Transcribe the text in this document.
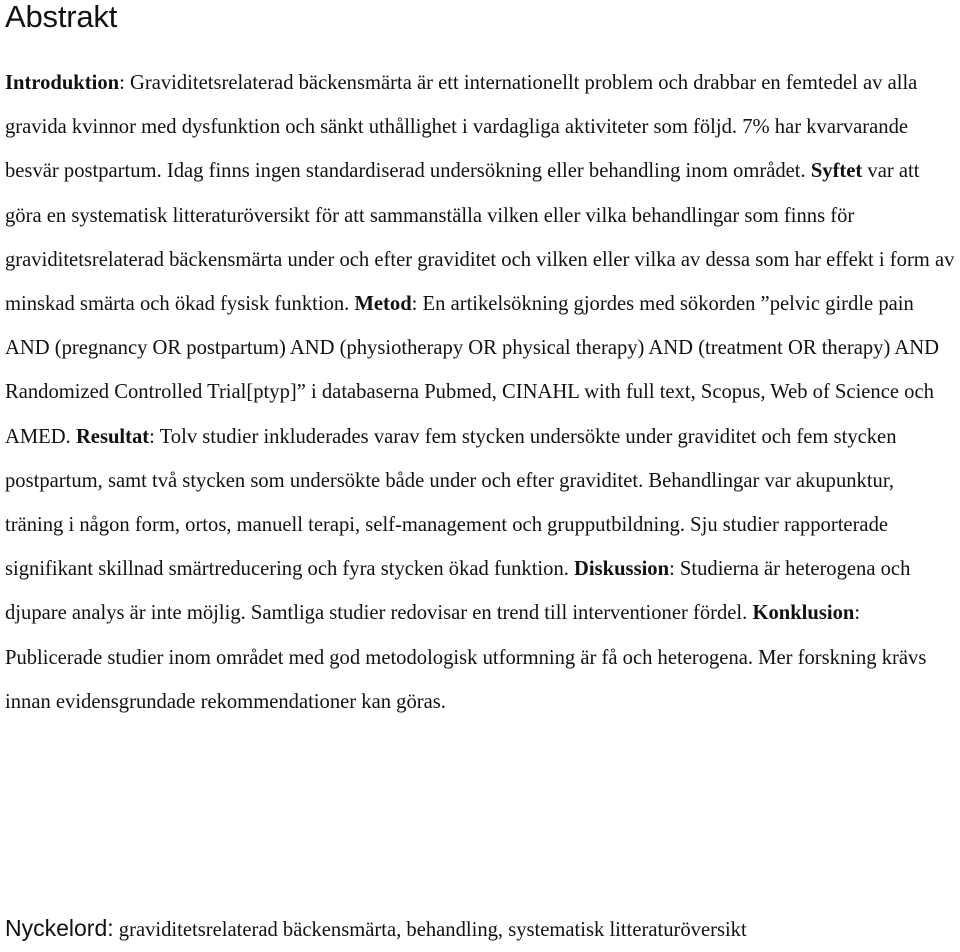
Abstrakt

Introduktion: Graviditetsrelaterad bäckensmärta är ett internationellt problem och drabbar en femtedel av alla gravida kvinnor med dysfunktion och sänkt uthållighet i vardagliga aktiviteter som följd. 7% har kvarvarande besvär postpartum. Idag finns ingen standardiserad undersökning eller behandling inom området. Syftet var att göra en systematisk litteraturöversikt för att sammanställa vilken eller vilka behandlingar som finns för graviditetsrelaterad bäckensmärta under och efter graviditet och vilken eller vilka av dessa som har effekt i form av minskad smärta och ökad fysisk funktion. Metod: En artikelsökning gjordes med sökorden ”pelvic girdle pain AND (pregnancy OR postpartum) AND (physiotherapy OR physical therapy) AND (treatment OR therapy) AND Randomized Controlled Trial[ptyp]” i databaserna Pubmed, CINAHL with full text, Scopus, Web of Science och AMED. Resultat: Tolv studier inkluderades varav fem stycken undersökte under graviditet och fem stycken postpartum, samt två stycken som undersökte både under och efter graviditet. Behandlingar var akupunktur, träning i någon form, ortos, manuell terapi, self-management och grupputbildning. Sju studier rapporterade signifikant skillnad smärtreducering och fyra stycken ökad funktion. Diskussion: Studierna är heterogena och djupare analys är inte möjlig. Samtliga studier redovisar en trend till interventioner fördel. Konklusion: Publicerade studier inom området med god metodologisk utformning är få och heterogena. Mer forskning krävs innan evidensgrundade rekommendationer kan göras.

Nyckelord: graviditetsrelaterad bäckensmärta, behandling, systematisk litteraturöversikt
